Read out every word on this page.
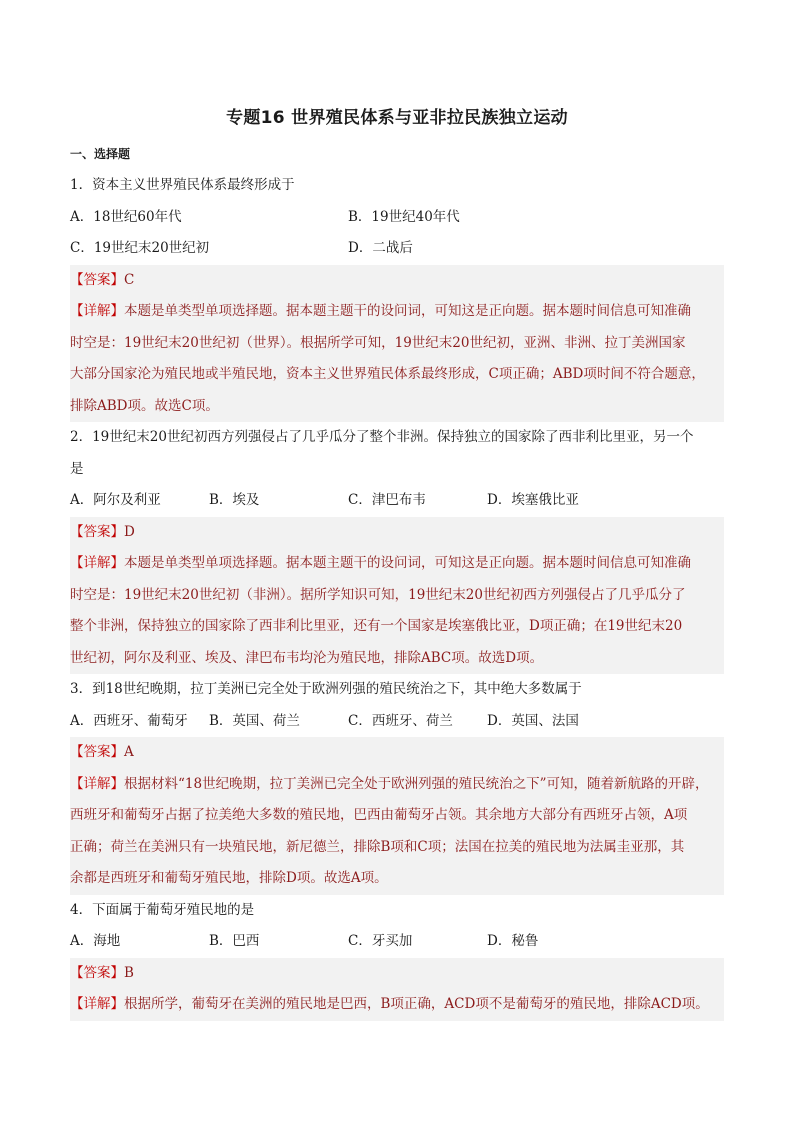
专题16 世界殖民体系与亚非拉民族独立运动
一、选择题
1．资本主义世界殖民体系最终形成于
A．18世纪60年代	B．19世纪40年代
C．19世纪末20世纪初	D．二战后
【答案】C
【详解】本题是单类型单项选择题。据本题主题干的设问词，可知这是正向题。据本题时间信息可知准确
时空是：19世纪末20世纪初（世界）。根据所学可知，19世纪末20世纪初，亚洲、非洲、拉丁美洲国家
大部分国家沦为殖民地或半殖民地，资本主义世界殖民体系最终形成，C项正确；ABD项时间不符合题意，
排除ABD项。故选C项。
2．19世纪末20世纪初西方列强侵占了几乎瓜分了整个非洲。保持独立的国家除了西非利比里亚，另一个
是
A．阿尔及利亚	B．埃及	C．津巴布韦	D．埃塞俄比亚
【答案】D
【详解】本题是单类型单项选择题。据本题主题干的设问词，可知这是正向题。据本题时间信息可知准确
时空是：19世纪末20世纪初（非洲）。据所学知识可知，19世纪末20世纪初西方列强侵占了几乎瓜分了
整个非洲，保持独立的国家除了西非利比里亚，还有一个国家是埃塞俄比亚，D项正确；在19世纪末20
世纪初，阿尔及利亚、埃及、津巴布韦均沦为殖民地，排除ABC项。故选D项。
3．到18世纪晚期，拉丁美洲已完全处于欧洲列强的殖民统治之下，其中绝大多数属于
A．西班牙、葡萄牙	B．英国、荷兰	C．西班牙、荷兰	D．英国、法国
【答案】A
【详解】根据材料“18世纪晚期，拉丁美洲已完全处于欧洲列强的殖民统治之下”可知，随着新航路的开辟，
西班牙和葡萄牙占据了拉美绝大多数的殖民地，巴西由葡萄牙占领。其余地方大部分有西班牙占领，A项
正确；荷兰在美洲只有一块殖民地，新尼德兰，排除B项和C项；法国在拉美的殖民地为法属圭亚那，其
余都是西班牙和葡萄牙殖民地，排除D项。故选A项。
4．下面属于葡萄牙殖民地的是
A．海地	B．巴西	C．牙买加	D．秘鲁
【答案】B
【详解】根据所学，葡萄牙在美洲的殖民地是巴西，B项正确，ACD项不是葡萄牙的殖民地，排除ACD项。
